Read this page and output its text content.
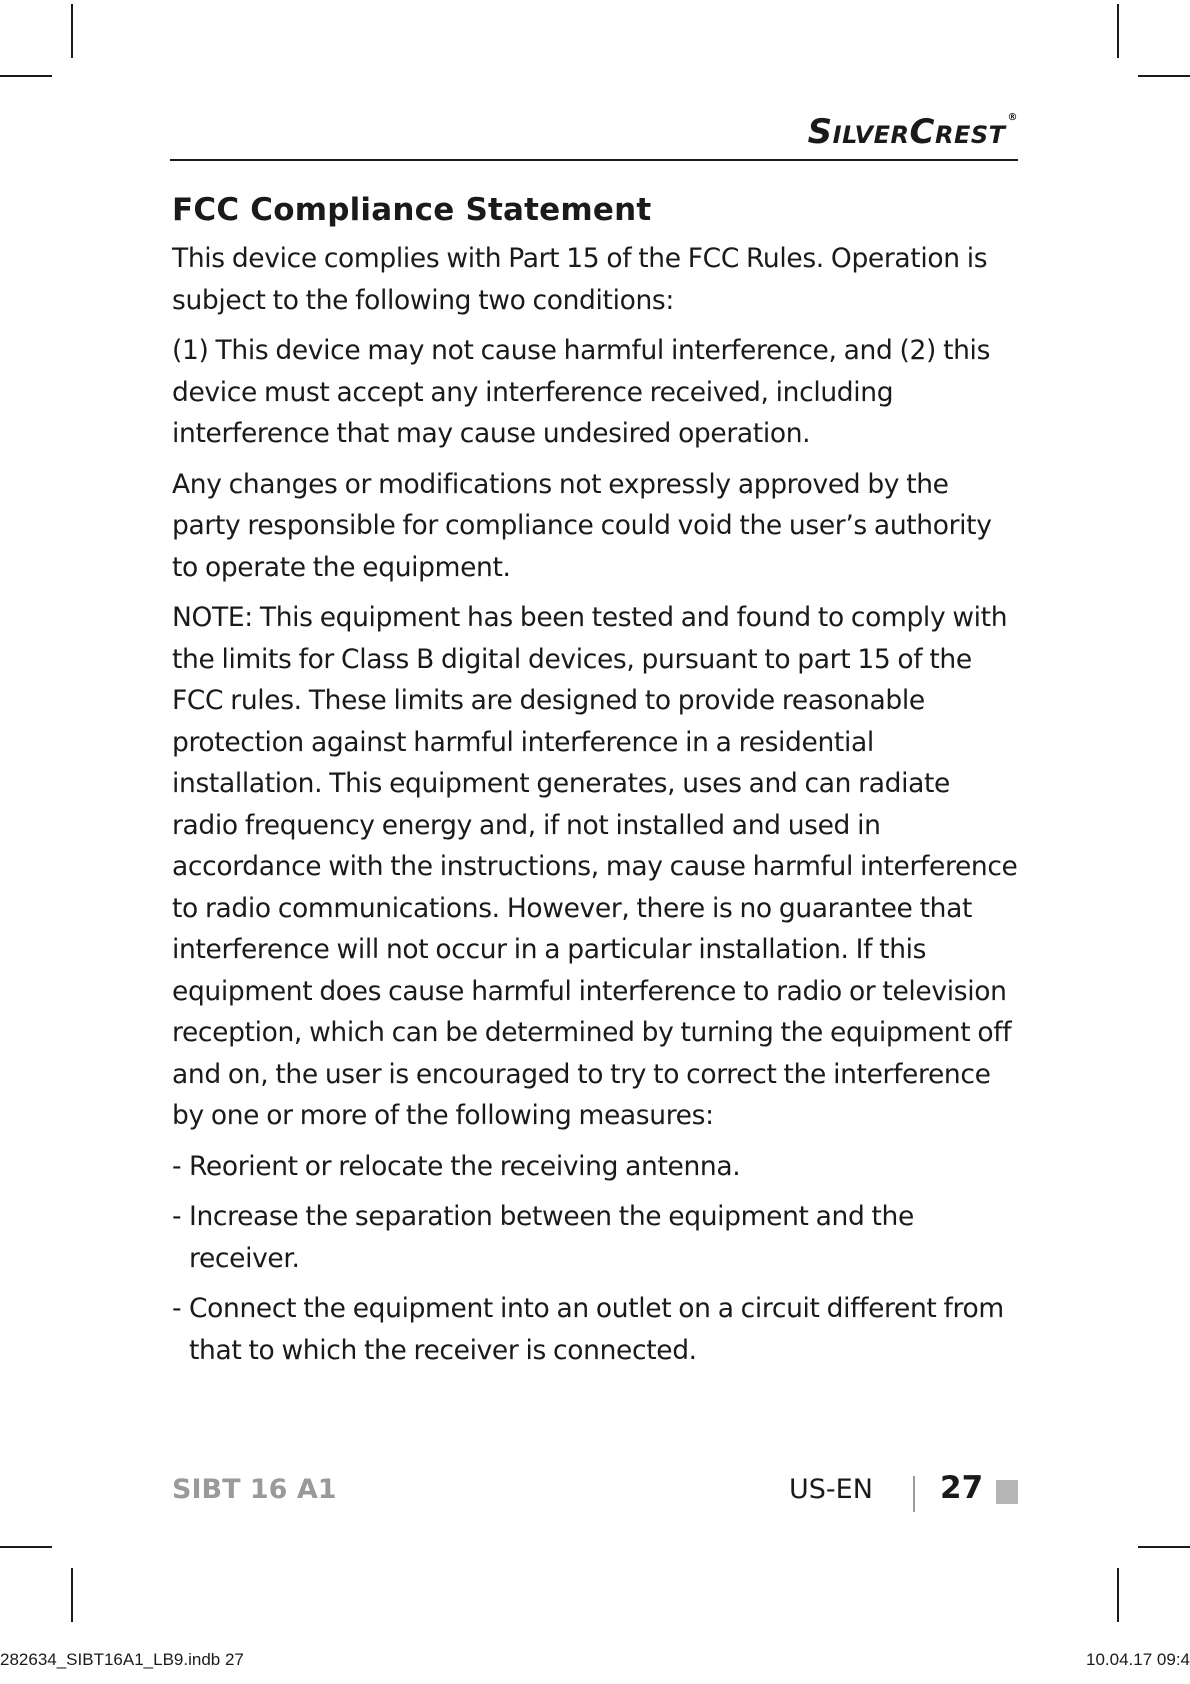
SilverCrest ®
FCC Compliance Statement

This device complies with Part 15 of the FCC Rules. Operation is subject to the following two conditions:

(1) This device may not cause harmful interference, and (2) this device must accept any interference received, including interference that may cause undesired operation.

Any changes or modifications not expressly approved by the party responsible for compliance could void the user’s authority to operate the equipment.

NOTE: This equipment has been tested and found to comply with the limits for Class B digital devices, pursuant to part 15 of the FCC rules. These limits are designed to provide reasonable protection against harmful interference in a residential installation. This equipment generates, uses and can radiate radio frequency energy and, if not installed and used in accordance with the instructions, may cause harmful interference to radio communications. However, there is no guarantee that interference will not occur in a particular installation. If this equipment does cause harmful interference to radio or television reception, which can be determined by turning the equipment off and on, the user is encouraged to try to correct the interference by one or more of the following measures:

- Reorient or relocate the receiving antenna.
- Increase the separation between the equipment and the receiver.
- Connect the equipment into an outlet on a circuit different from that to which the receiver is connected.
SIBT 16 A1	US-EN 27
282634_SIBT16A1_LB9.indb 27	10.04.17 09:4
